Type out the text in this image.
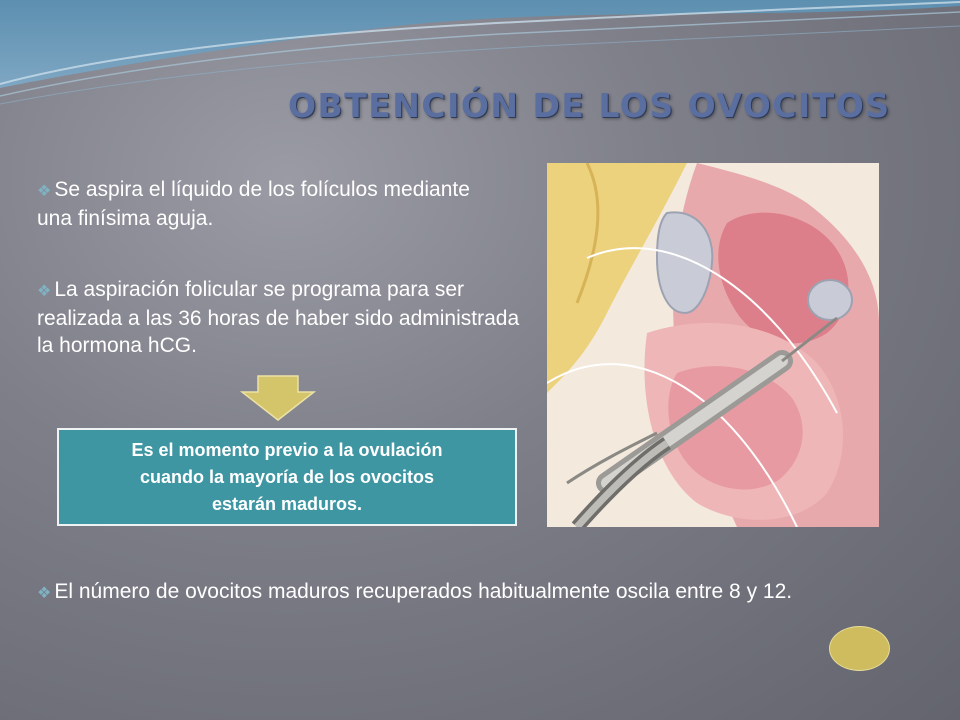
OBTENCIÓN DE LOS OVOCITOS
❖ Se aspira el líquido de los folículos mediante una finísima aguja.
❖ La aspiración folicular se programa para ser realizada a las 36 horas de haber sido administrada la hormona hCG.
Es el momento previo a la ovulación
cuando la mayoría de los ovocitos
estarán maduros.
❖ El número de ovocitos maduros recuperados habitualmente oscila entre 8 y 12.
